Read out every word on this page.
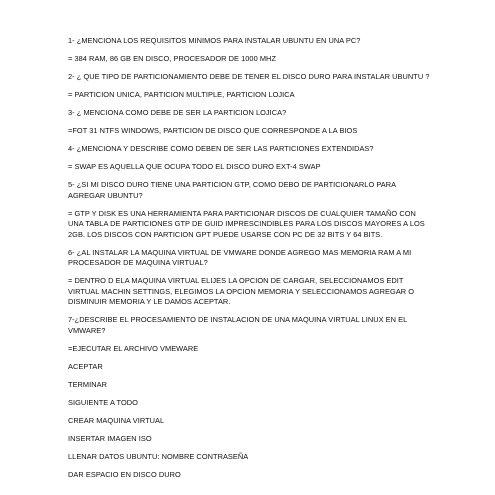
1- ¿MENCIONA LOS REQUISITOS MINIMOS PARA INSTALAR UBUNTU EN UNA PC?

= 384 RAM, 86 GB EN DISCO, PROCESADOR DE 1000 MHZ

2- ¿ QUE TIPO DE PARTICIONAMIENTO DEBE DE TENER EL DISCO DURO PARA INSTALAR UBUNTU ?

= PARTICION UNICA, PARTICION MULTIPLE, PARTICION LOJICA

3- ¿ MENCIONA COMO DEBE DE SER LA PARTICION LOJICA?

=FOT 31 NTFS WINDOWS, PARTICION DE DISCO QUE CORRESPONDE A LA BIOS

4- ¿MENCIONA Y DESCRIBE COMO DEBEN DE SER LAS PARTICIONES EXTENDIDAS?

= SWAP ES AQUELLA QUE OCUPA TODO EL DISCO DURO EXT-4 SWAP

5- ¿SI MI DISCO DURO TIENE UNA PARTICION GTP, COMO DEBO DE PARTICIONARLO PARA AGREGAR UBUNTU?

= GTP Y DISK ES UNA HERRAMIENTA PARA PARTICIONAR DISCOS DE CUALQUIER TAMAÑO CON UNA TABLA DE PARTICIONES GTP DE GUID IMPRESCINDIBLES PARA LOS DISCOS MAYORES A LOS 2GB. LOS DISCOS CON PARTICION GPT PUEDE USARSE CON PC DE 32 BITS Y 64 BITS.

6- ¿AL INSTALAR LA MAQUINA VIRTUAL DE VMWARE DONDE AGREGO MAS MEMORIA RAM A MI PROCESADOR DE MAQUINA VIRTUAL?

= DENTRO D ELA MAQUINA VIRTUAL ELIJES LA OPCION DE CARGAR, SELECCIONAMOS EDIT VIRTUAL MACHIN SETTINGS, ELEGIMOS LA OPCION MEMORIA Y SELECCIONAMOS AGREGAR O DISMINUIR MEMORIA Y LE DAMOS ACEPTAR.

7-¿DESCRIBE EL PROCESAMIENTO DE INSTALACION DE UNA MAQUINA VIRTUAL LINUX EN EL VMWARE?

=EJECUTAR EL ARCHIVO VMEWARE

ACEPTAR

TERMINAR

SIGUIENTE A TODO

CREAR MAQUINA VIRTUAL

INSERTAR IMAGEN ISO

LLENAR DATOS UBUNTU: NOMBRE CONTRASEÑA

DAR ESPACIO EN DISCO DURO
